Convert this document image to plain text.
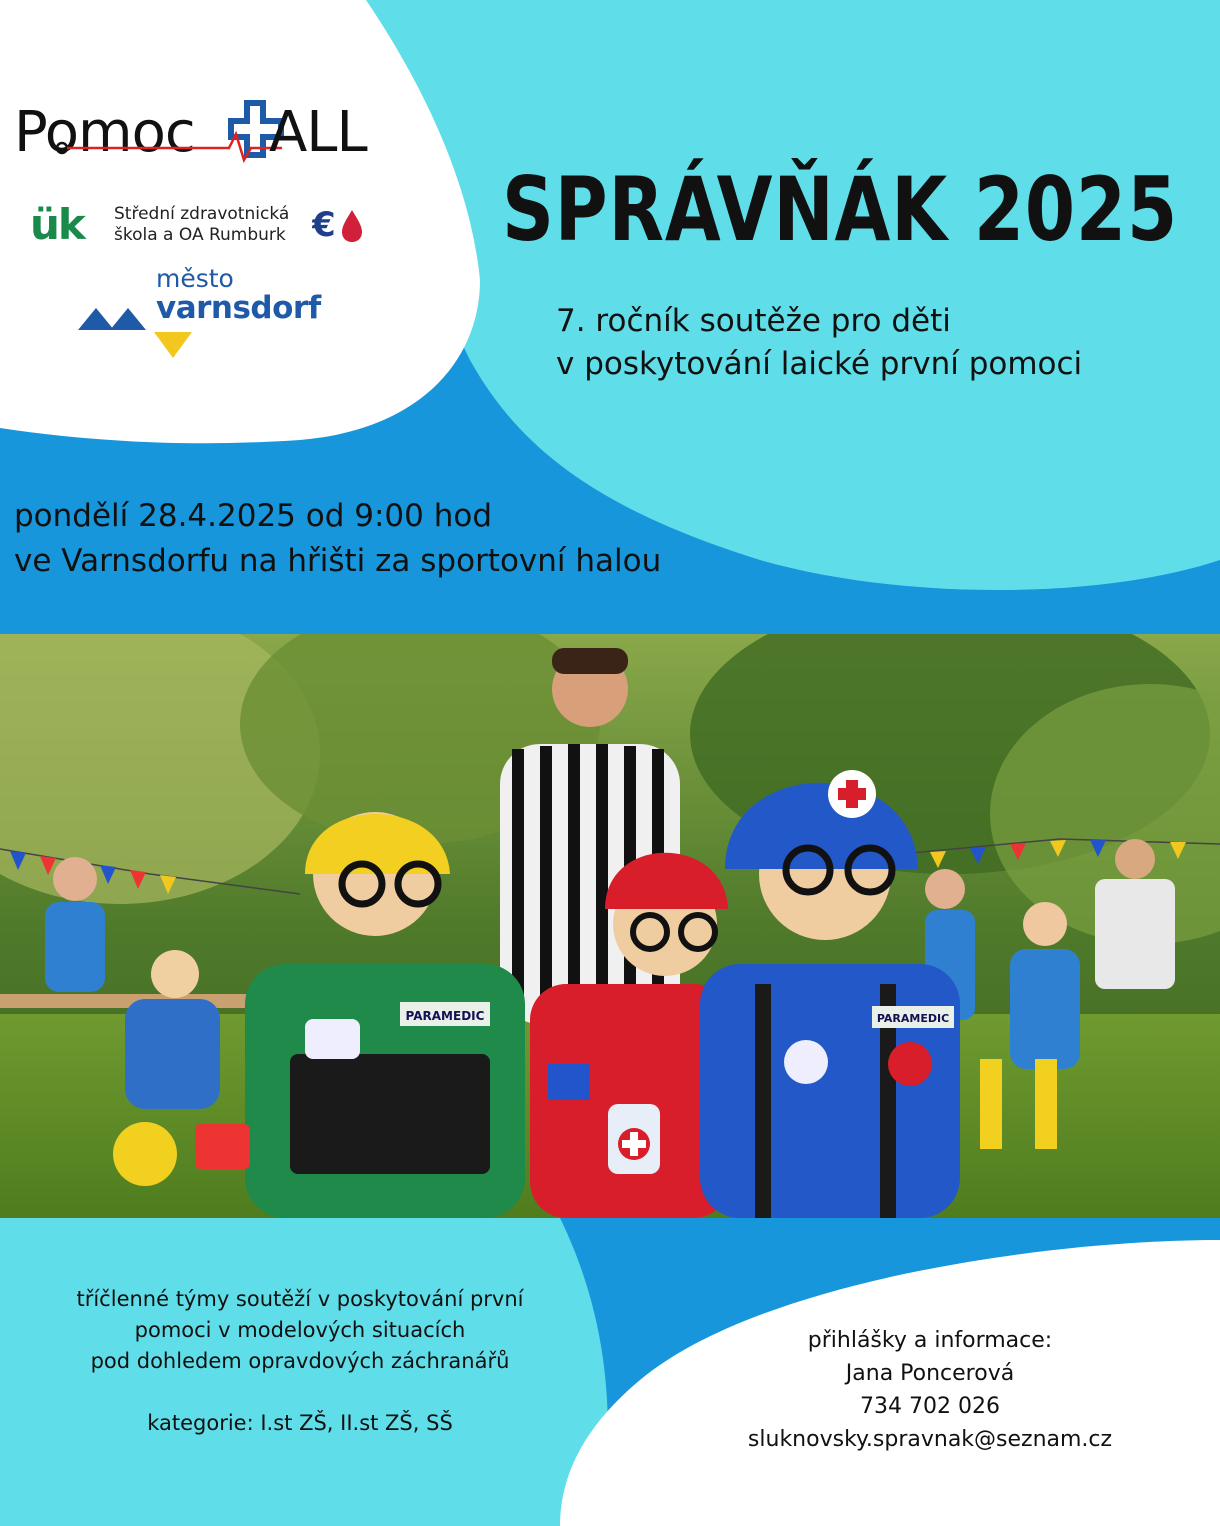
Pomoc ALL
ük Střední zdravotnická
škola a OA Rumburk €
město
varnsdorf
SPRÁVŇÁK 2025
7. ročník soutěže pro děti
v poskytování laické první pomoci
pondělí 28.4.2025 od 9:00 hod
ve Varnsdorfu na hřišti za sportovní halou
PARAMEDIC	PARAMEDIC
tříčlenné týmy soutěží v poskytování první
pomoci v modelových situacích
pod dohledem opravdových záchranářů
kategorie: I.st ZŠ, II.st ZŠ, SŠ
přihlášky a informace:
Jana Poncerová
734 702 026
sluknovsky.spravnak@seznam.cz
